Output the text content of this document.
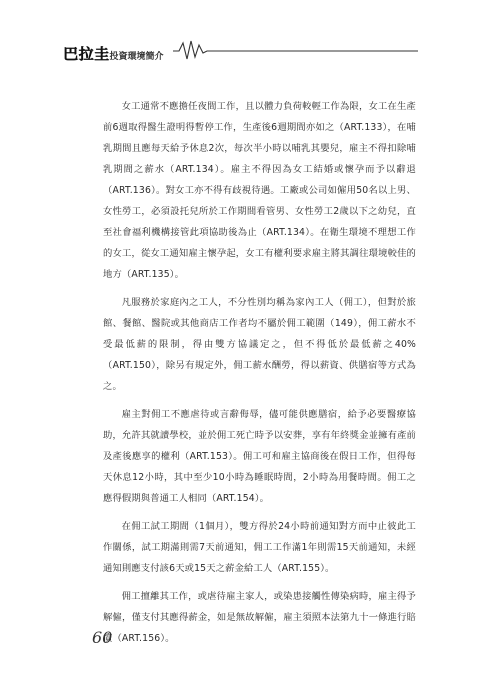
巴拉圭投資環境簡介

女工通常不應擔任夜間工作，且以體力負荷較輕工作為限，女工在生產前6週取得醫生證明得暫停工作，生產後6週期間亦如之（ART.133），在哺乳期間且應每天給予休息2次，每次半小時以哺乳其嬰兒，雇主不得扣除哺乳期間之薪水（ART.134）。雇主不得因為女工結婚或懷孕而予以辭退（ART.136）。對女工亦不得有歧視待遇。工廠或公司如僱用50名以上男、女性勞工，必須設托兒所於工作期間看管男、女性勞工2歲以下之幼兒，直至社會福利機構接管此項協助後為止（ART.134）。在衛生環境不理想工作的女工，從女工通知雇主懷孕起，女工有權利要求雇主將其調往環境較佳的地方（ART.135）。

凡服務於家庭內之工人，不分性別均稱為家內工人（佣工），但對於旅館、餐館、醫院或其他商店工作者均不屬於佣工範圍（149），佣工薪水不受最低薪的限制，得由雙方協議定之，但不得低於最低薪之40%（ART.150），除另有規定外，佣工薪水酬勞，得以薪資、供膳宿等方式為之。

雇主對佣工不應虐待或言辭侮辱，儘可能供應膳宿，給予必要醫療協助，允許其就讀學校，並於佣工死亡時予以安葬，享有年終獎金並擁有產前及產後應享的權利（ART.153）。佣工可和雇主協商後在假日工作，但得每天休息12小時，其中至少10小時為睡眠時間，2小時為用餐時間。佣工之應得假期與普通工人相同（ART.154）。

在佣工試工期間（1個月），雙方得於24小時前通知對方而中止彼此工作關係，試工期滿則需7天前通知，佣工工作滿1年則需15天前通知，未經通知則應支付該6天或15天之薪金給工人（ART.155）。

佣工擅離其工作，或虐待雇主家人，或染患接觸性傳染病時，雇主得予解僱，僅支付其應得薪金，如是無故解僱，雇主須照本法第九十一條進行賠償（ART.156）。

60
